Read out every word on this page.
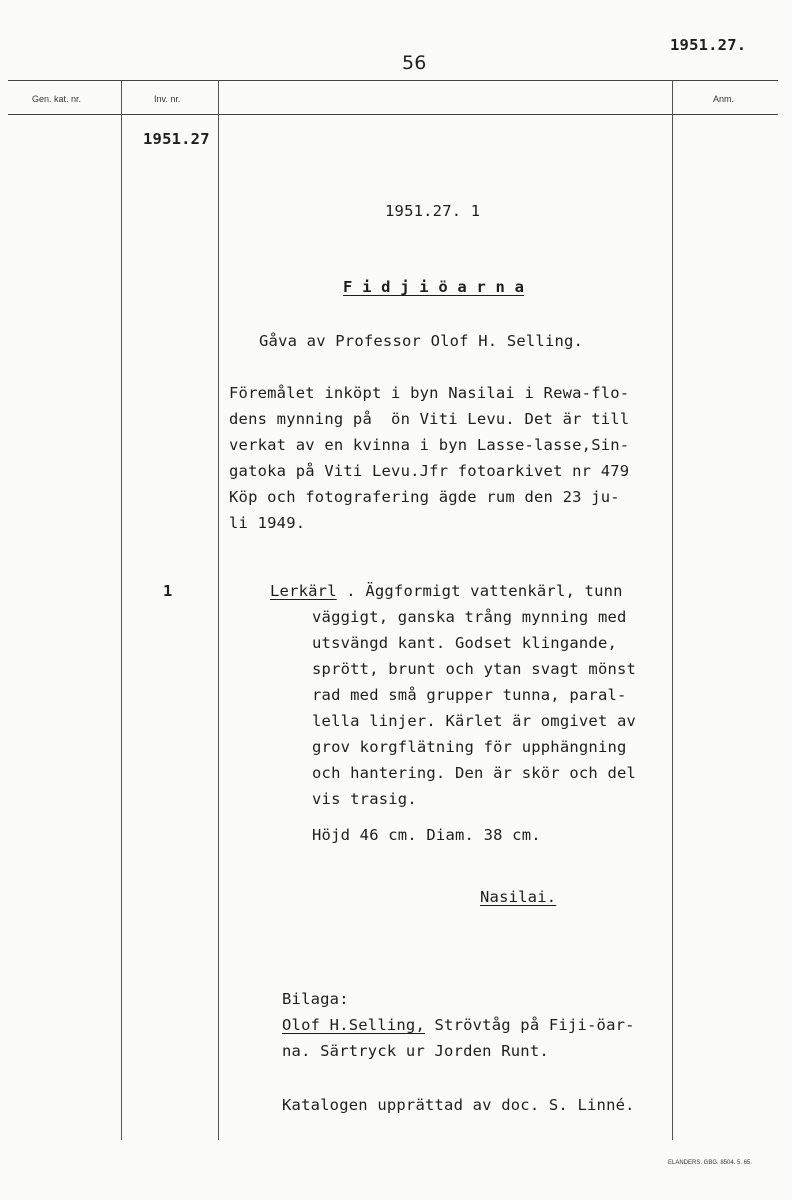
56
1951.27.
Gen. kat. nr.	Inv. nr.	Anm.
1951.27
1951.27. 1
F i d j i ö a r n a
Gåva av Professor Olof H. Selling.
Föremålet inköpt i byn Nasilai i Rewa-flo-
dens mynning på  ön Viti Levu. Det är till
verkat av en kvinna i byn Lasse-lasse,Sin-
gatoka på Viti Levu.Jfr fotoarkivet nr 479
Köp och fotografering ägde rum den 23 ju-
li 1949.
1	Lerkärl . Äggformigt vattenkärl, tunn
väggigt, ganska trång mynning med
utsvängd kant. Godset klingande,
sprött, brunt och ytan svagt mönst
rad med små grupper tunna, paral-
lella linjer. Kärlet är omgivet av
grov korgflätning för upphängning
och hantering. Den är skör och del
vis trasig.
Höjd 46 cm. Diam. 38 cm.
Nasilai.
Bilaga:
Olof H.Selling, Strövtåg på Fiji-öar-
na. Särtryck ur Jorden Runt.
Katalogen upprättad av doc. S. Linné.
ELANDERS. GBG. 8504. 5. 65.
